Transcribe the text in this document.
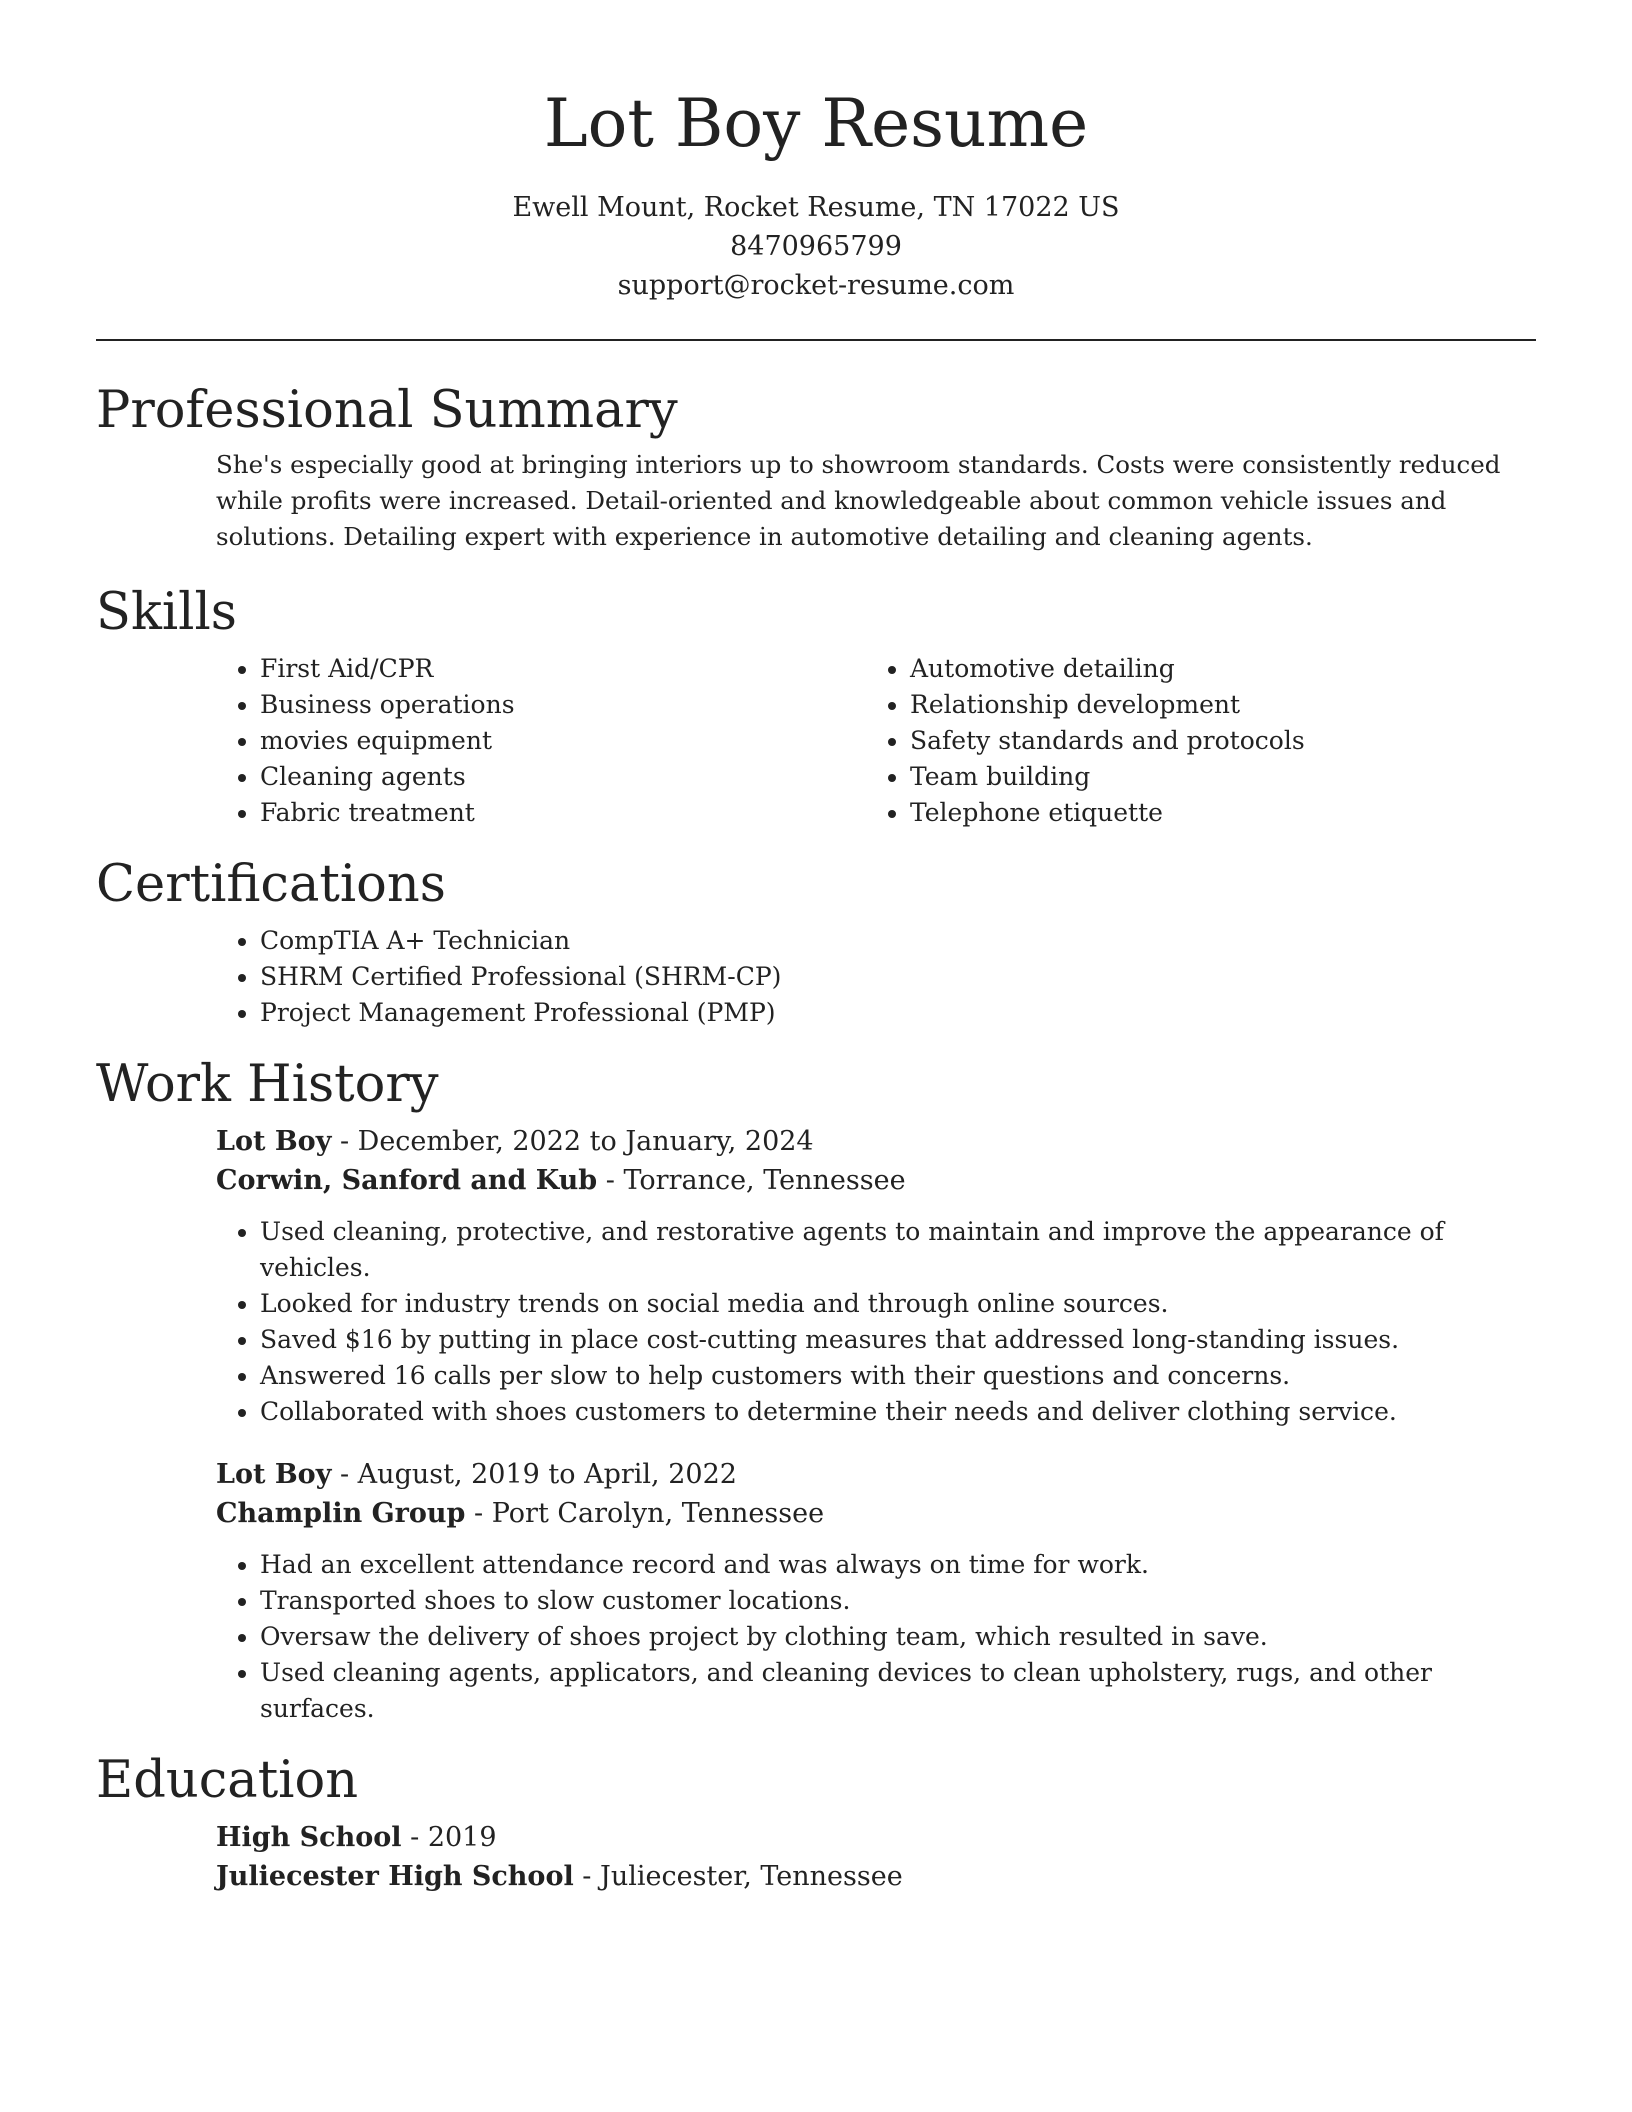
Lot Boy Resume
Ewell Mount, Rocket Resume, TN 17022 US
8470965799
support@rocket-resume.com
Professional Summary

She's especially good at bringing interiors up to showroom standards. Costs were consistently reduced while profits were increased. Detail-oriented and knowledgeable about common vehicle issues and solutions. Detailing expert with experience in automotive detailing and cleaning agents.

Skills
• First Aid/CPR
• Business operations
• movies equipment
• Cleaning agents
• Fabric treatment
• Automotive detailing
• Relationship development
• Safety standards and protocols
• Team building
• Telephone etiquette
Certifications
• CompTIA A+ Technician
• SHRM Certified Professional (SHRM-CP)
• Project Management Professional (PMP)
Work History
Lot Boy - December, 2022 to January, 2024
Corwin, Sanford and Kub - Torrance, Tennessee
• Used cleaning, protective, and restorative agents to maintain and improve the appearance of vehicles.
• Looked for industry trends on social media and through online sources.
• Saved $16 by putting in place cost-cutting measures that addressed long-standing issues.
• Answered 16 calls per slow to help customers with their questions and concerns.
• Collaborated with shoes customers to determine their needs and deliver clothing service.
Lot Boy - August, 2019 to April, 2022
Champlin Group - Port Carolyn, Tennessee
• Had an excellent attendance record and was always on time for work.
• Transported shoes to slow customer locations.
• Oversaw the delivery of shoes project by clothing team, which resulted in save.
• Used cleaning agents, applicators, and cleaning devices to clean upholstery, rugs, and other surfaces.
Education
High School - 2019
Juliecester High School - Juliecester, Tennessee
